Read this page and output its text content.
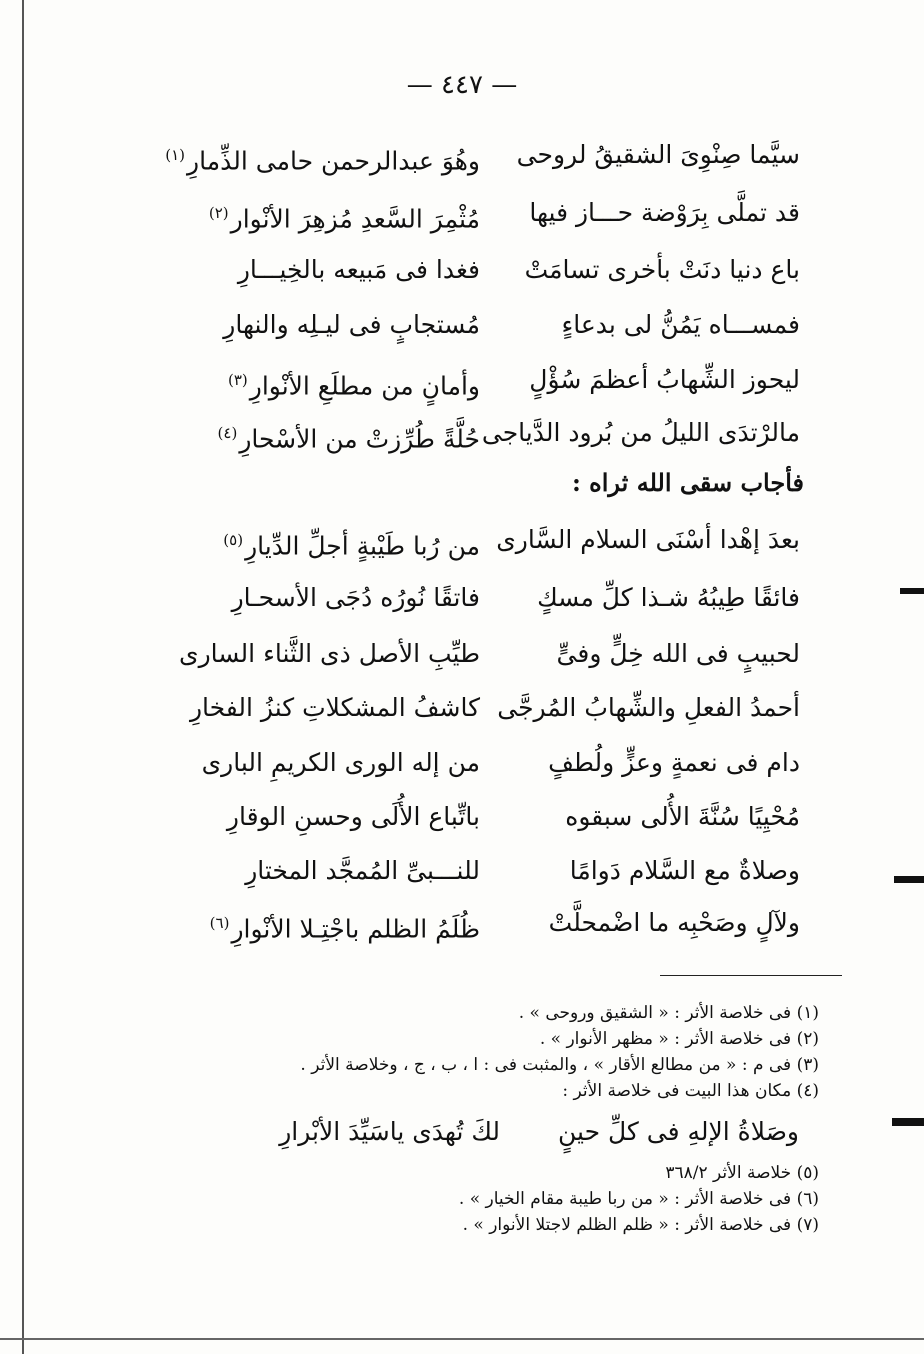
— ٤٤٧ —
سيَّما صِنْوِىَ الشقيقُ لروحى
وهُوَ عبدالرحمن حامى الذِّمارِ$^{(١)}$
قد تملَّى بِرَوْضة حـــاز فيها
مُثْمِرَ السَّعدِ مُزهِرَ الأنْوار$^{(٢)}$
باع دنيا دنَتْ بأخرى تسامَتْ
فغدا فى مَبيعه بالخِيـــارِ
فمســـاه يَمُنُّ لى بدعاءٍ
مُستجابٍ فى ليـلِه والنهارِ
ليحوز الشِّهابُ أعظمَ سُؤْلٍ
وأمانٍ من مطلَعِ الأنْوارِ$^{(٣)}$
مالرْتدَى الليلُ من بُرود الدَّياجى
حُلَّةً طُرِّزتْ من الأسْحارِ$^{(٤)}$
فأجاب سقى الله ثراه :
بعدَ إهْدا أسْنَى السلام السَّارى
من رُبا طَيْبةٍ أجلِّ الدِّيارِ$^{(٥)}$
فائقًا طِيبُهُ شـذا كلِّ مسكٍ
فاتقًا نُورُه دُجَى الأسحـارِ
لحبيبٍ فى الله خِلٍّ وفىٍّ
طيِّبِ الأصل ذى الثَّناء السارى
أحمدُ الفعلِ والشِّهابُ المُرجَّى
كاشفُ المشكلاتِ كنزُ الفخارِ
دام فى نعمةٍ وعزٍّ ولُطفٍ
من إله الورى الكريمِ البارى
مُحْيِيًا سُنَّةَ الأُلى سبقوه
باتِّباع الأُلَى وحسنِ الوقارِ
وصلاةٌ مع السَّلام دَوامًا
للنـــبىِّ المُمجَّد المختارِ
ولآلٍ وصَحْبِه ما اضْمحلَّتْ
ظُلَمُ الظلم باجْتِـلا الأنْوارِ$^{(٦)}$
(١) فى خلاصة الأثر : « الشقيق وروحى » .
(٢) فى خلاصة الأثر : « مظهر الأنوار » .
(٣) فى م : « من مطالع الأقار » ، والمثبت فى : ا ، ب ، ج ، وخلاصة الأثر .
(٤) مكان هذا البيت فى خلاصة الأثر :
وصَلاةُ الإلهِ فى كلِّ حينٍ لكَ تُهدَى ياسَيِّدَ الأبْرارِ
(٥) خلاصة الأثر ٣٦٨/٢
(٦) فى خلاصة الأثر : « من ربا طيبة مقام الخيار » .
(٧) فى خلاصة الأثر : « ظلم الظلم لاجتلا الأنوار » .
